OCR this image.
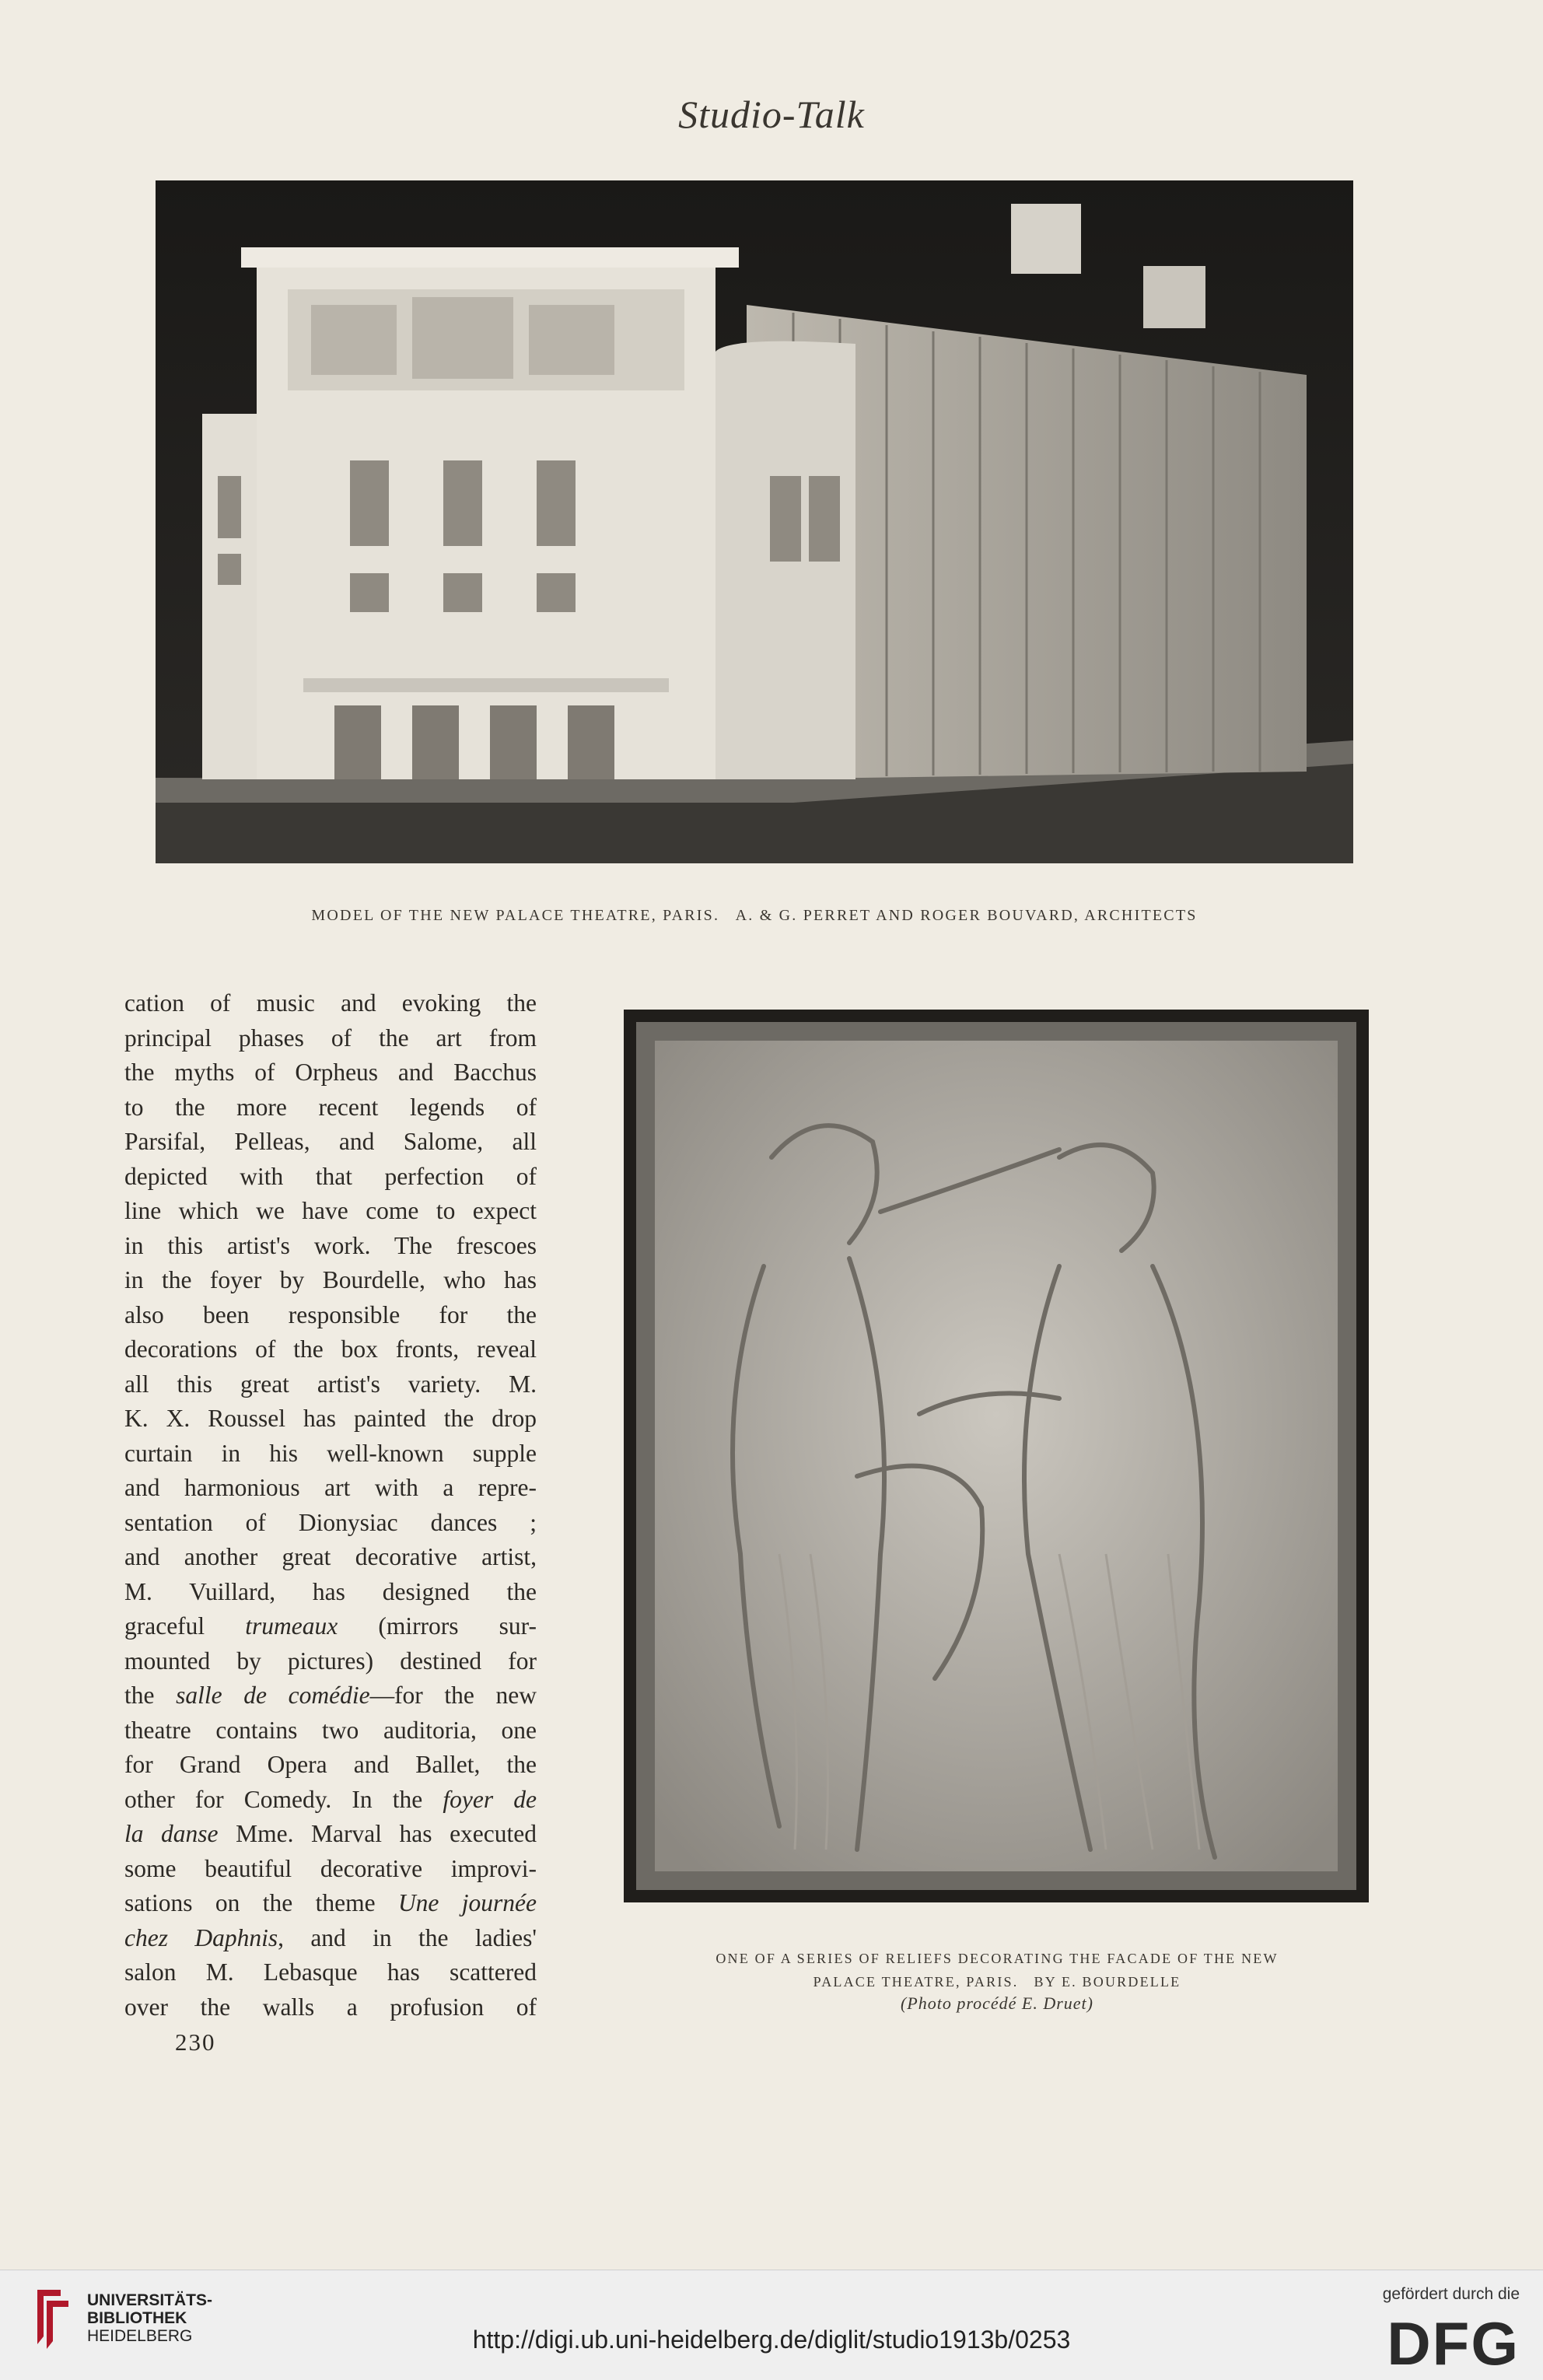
Studio-Talk
MODEL OF THE NEW PALACE THEATRE, PARIS.   A. & G. PERRET AND ROGER BOUVARD, ARCHITECTS
ONE OF A SERIES OF RELIEFS DECORATING THE FACADE OF THE NEW
PALACE THEATRE, PARIS.   BY E. BOURDELLE
(Photo procédé E. Druet)

cation of music and evoking the

principal phases of the art from

the myths of Orpheus and Bacchus

to the more recent legends of

Parsifal, Pelleas, and Salome, all

depicted with that perfection of

line which we have come to expect

in this artist's work. The frescoes

in the foyer by Bourdelle, who has

also been responsible for the

decorations of the box fronts, reveal

all this great artist's variety. M.

K. X. Roussel has painted the drop

curtain in his well-known supple

and harmonious art with a repre-

sentation of Dionysiac dances ;

and another great decorative artist,

M. Vuillard, has designed the

graceful trumeaux (mirrors sur-

mounted by pictures) destined for

the salle de comédie—for the new

theatre contains two auditoria, one

for Grand Opera and Ballet, the

other for Comedy. In the foyer de

la danse Mme. Marval has executed

some beautiful decorative improvi-

sations on the theme Une journée

chez Daphnis, and in the ladies'

salon M. Lebasque has scattered

over the walls a profusion of

230
UNIVERSITÄTS-
BIBLIOTHEK
HEIDELBERG	http://digi.ub.uni-heidelberg.de/diglit/studio1913b/0253
gefördert durch die
DFG
